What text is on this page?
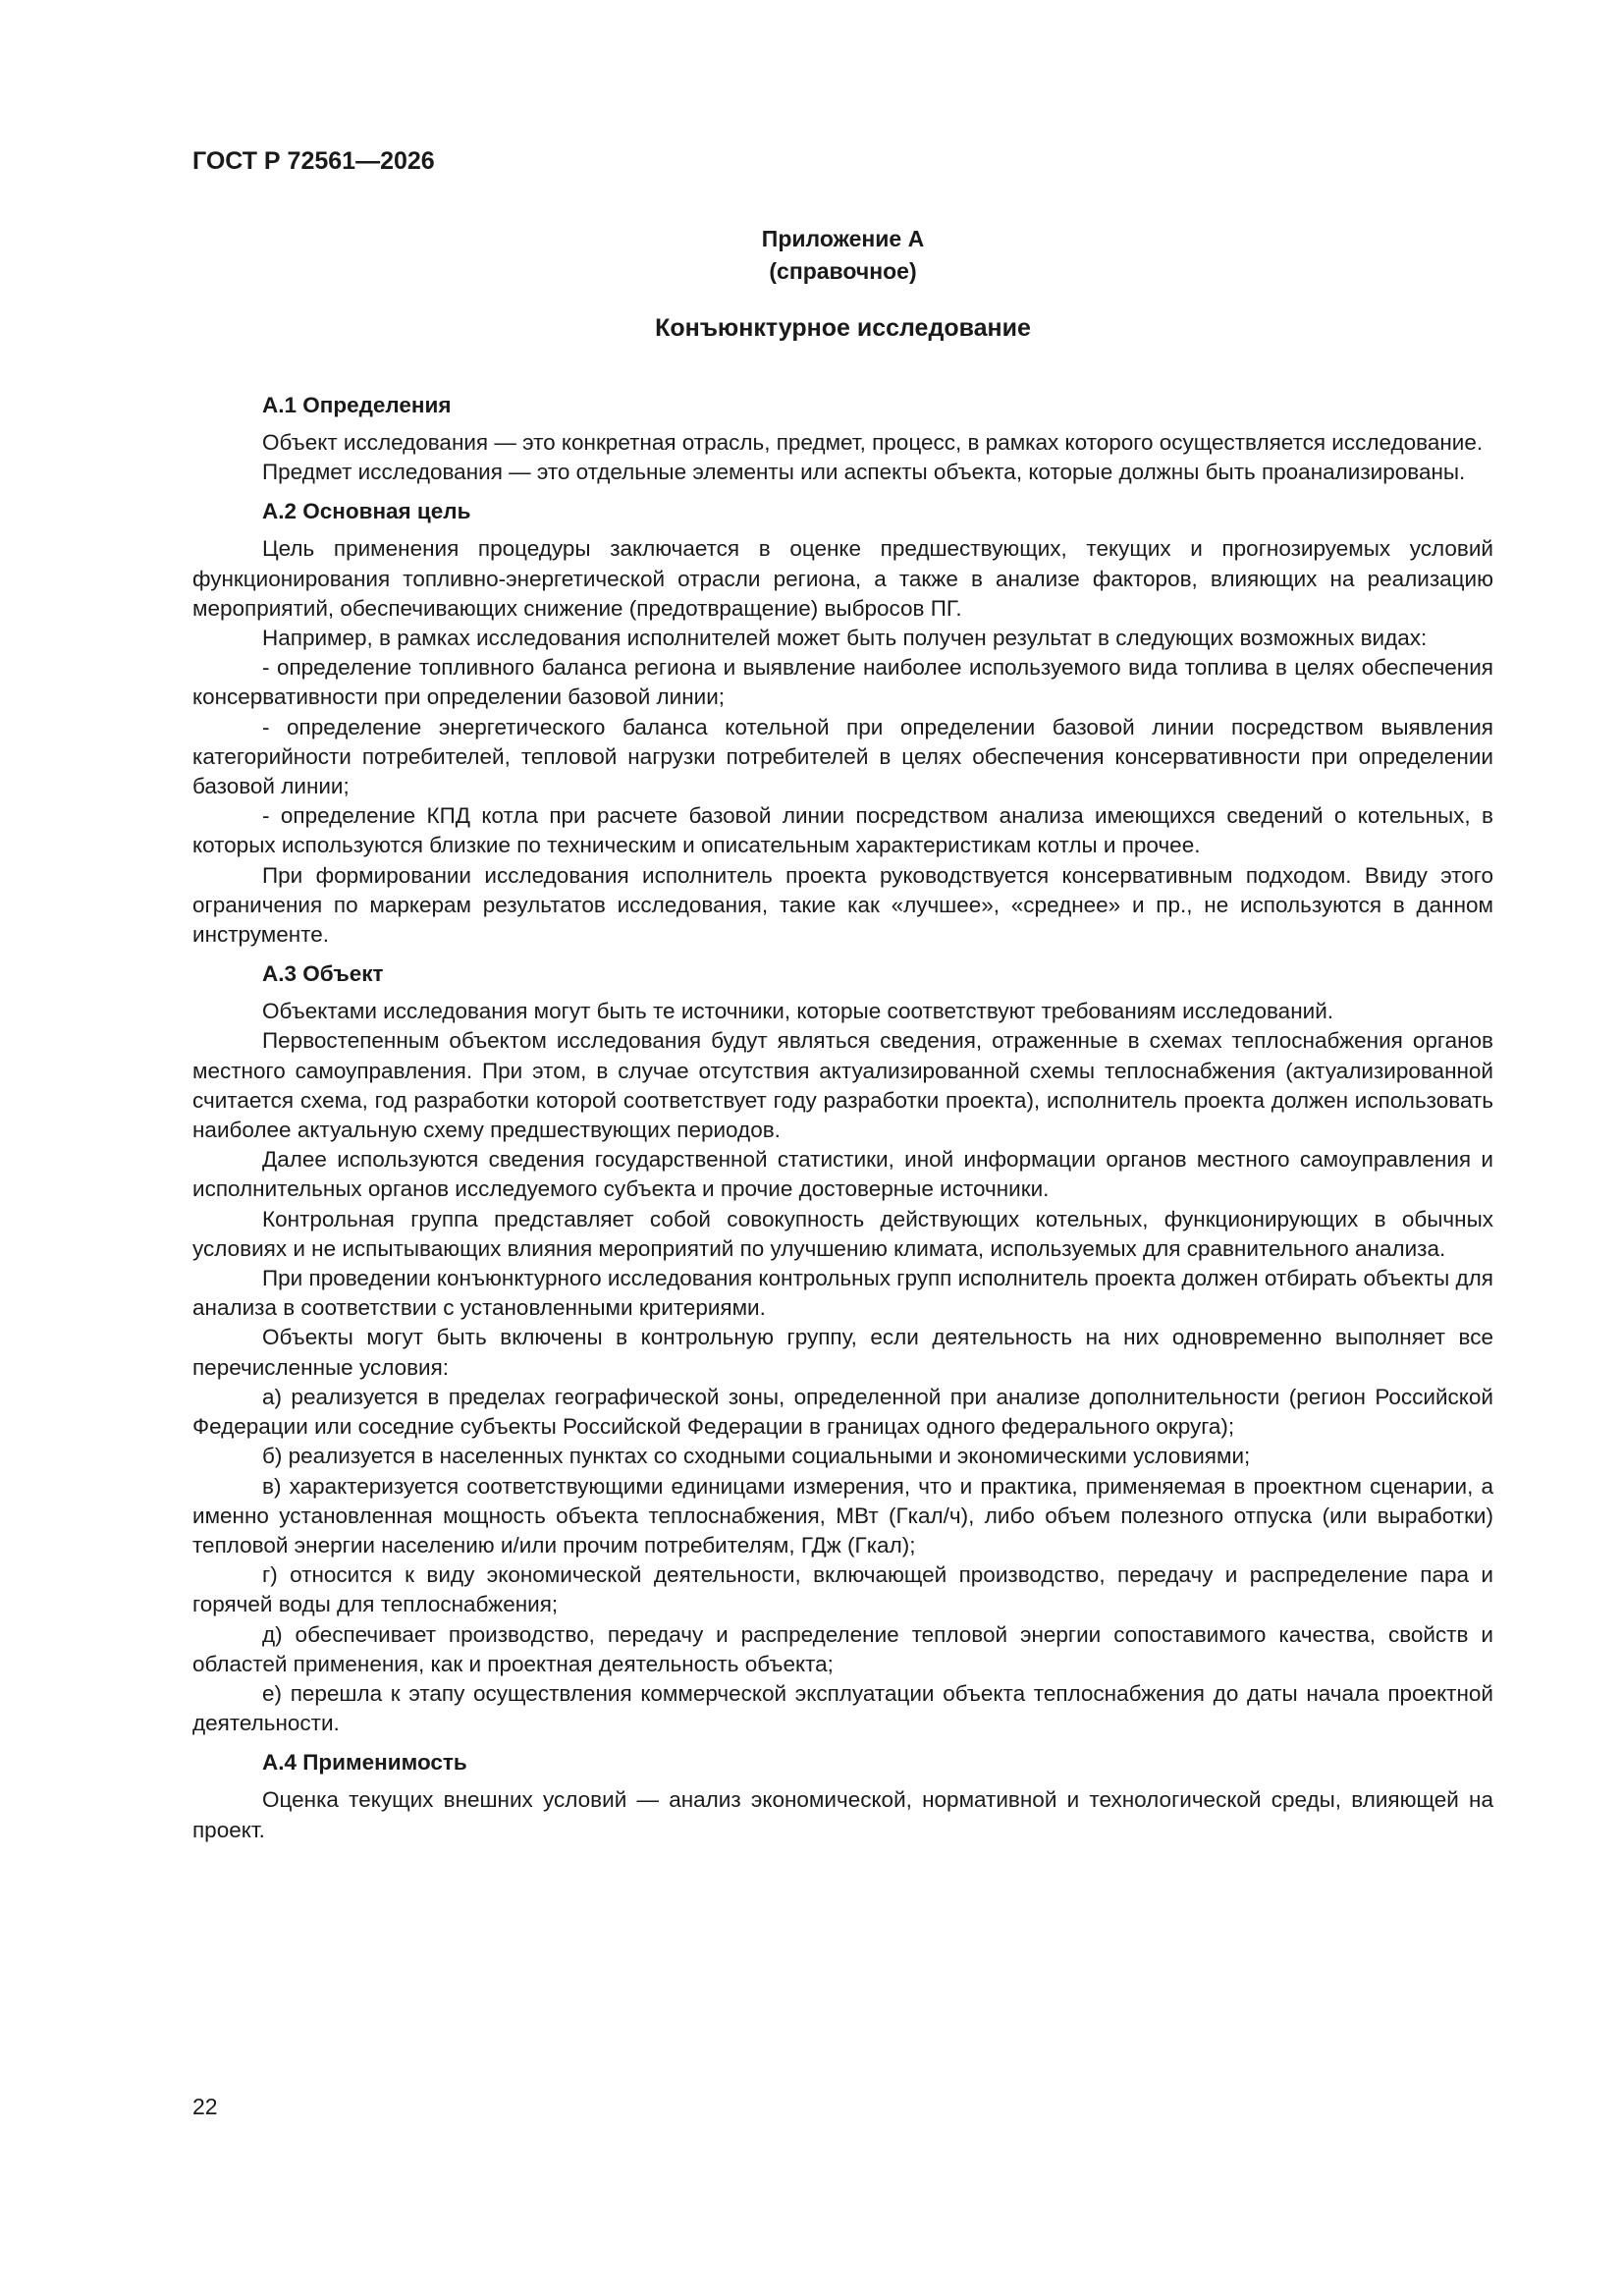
ГОСТ Р 72561—2026
Приложение А
(справочное)
Конъюнктурное исследование
А.1 Определения

Объект исследования — это конкретная отрасль, предмет, процесс, в рамках которого осуществляется исследование.

Предмет исследования — это отдельные элементы или аспекты объекта, которые должны быть проанализированы.

А.2 Основная цель

Цель применения процедуры заключается в оценке предшествующих, текущих и прогнозируемых условий функционирования топливно-энергетической отрасли региона, а также в анализе факторов, влияющих на реализацию мероприятий, обеспечивающих снижение (предотвращение) выбросов ПГ.

Например, в рамках исследования исполнителей может быть получен результат в следующих возможных видах:

- определение топливного баланса региона и выявление наиболее используемого вида топлива в целях обеспечения консервативности при определении базовой линии;

- определение энергетического баланса котельной при определении базовой линии посредством выявления категорийности потребителей, тепловой нагрузки потребителей в целях обеспечения консервативности при определении базовой линии;

- определение КПД котла при расчете базовой линии посредством анализа имеющихся сведений о котельных, в которых используются близкие по техническим и описательным характеристикам котлы и прочее.

При формировании исследования исполнитель проекта руководствуется консервативным подходом. Ввиду этого ограничения по маркерам результатов исследования, такие как «лучшее», «среднее» и пр., не используются в данном инструменте.

А.3 Объект

Объектами исследования могут быть те источники, которые соответствуют требованиям исследований.

Первостепенным объектом исследования будут являться сведения, отраженные в схемах теплоснабжения органов местного самоуправления. При этом, в случае отсутствия актуализированной схемы теплоснабжения (актуализированной считается схема, год разработки которой соответствует году разработки проекта), исполнитель проекта должен использовать наиболее актуальную схему предшествующих периодов.

Далее используются сведения государственной статистики, иной информации органов местного самоуправления и исполнительных органов исследуемого субъекта и прочие достоверные источники.

Контрольная группа представляет собой совокупность действующих котельных, функционирующих в обычных условиях и не испытывающих влияния мероприятий по улучшению климата, используемых для сравнительного анализа.

При проведении конъюнктурного исследования контрольных групп исполнитель проекта должен отбирать объекты для анализа в соответствии с установленными критериями.

Объекты могут быть включены в контрольную группу, если деятельность на них одновременно выполняет все перечисленные условия:

а) реализуется в пределах географической зоны, определенной при анализе дополнительности (регион Российской Федерации или соседние субъекты Российской Федерации в границах одного федерального округа);

б) реализуется в населенных пунктах со сходными социальными и экономическими условиями;

в) характеризуется соответствующими единицами измерения, что и практика, применяемая в проектном сценарии, а именно установленная мощность объекта теплоснабжения, МВт (Гкал/ч), либо объем полезного отпуска (или выработки) тепловой энергии населению и/или прочим потребителям, ГДж (Гкал);

г) относится к виду экономической деятельности, включающей производство, передачу и распределение пара и горячей воды для теплоснабжения;

д) обеспечивает производство, передачу и распределение тепловой энергии сопоставимого качества, свойств и областей применения, как и проектная деятельность объекта;

е) перешла к этапу осуществления коммерческой эксплуатации объекта теплоснабжения до даты начала проектной деятельности.

А.4 Применимость

Оценка текущих внешних условий — анализ экономической, нормативной и технологической среды, влияющей на проект.

22
